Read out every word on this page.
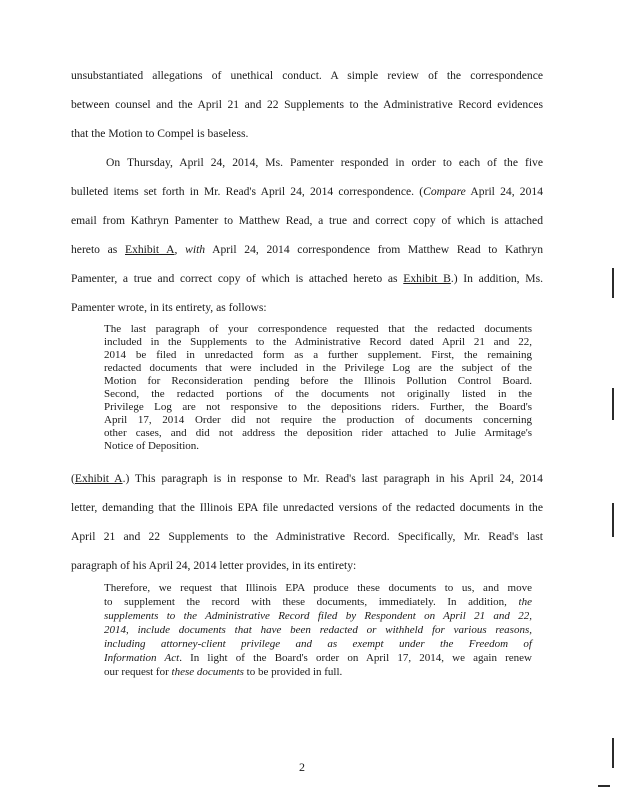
unsubstantiated allegations of unethical conduct. A simple review of the correspondence
between counsel and the April 21 and 22 Supplements to the Administrative Record evidences
that the Motion to Compel is baseless.
On Thursday, April 24, 2014, Ms. Pamenter responded in order to each of the five
bulleted items set forth in Mr. Read's April 24, 2014 correspondence. (Compare April 24, 2014
email from Kathryn Pamenter to Matthew Read, a true and correct copy of which is attached
hereto as Exhibit A, with April 24, 2014 correspondence from Matthew Read to Kathryn
Pamenter, a true and correct copy of which is attached hereto as Exhibit B.) In addition, Ms.
Pamenter wrote, in its entirety, as follows:
The last paragraph of your correspondence requested that the redacted documents
included in the Supplements to the Administrative Record dated April 21 and 22,
2014 be filed in unredacted form as a further supplement. First, the remaining
redacted documents that were included in the Privilege Log are the subject of the
Motion for Reconsideration pending before the Illinois Pollution Control Board.
Second, the redacted portions of the documents not originally listed in the
Privilege Log are not responsive to the depositions riders. Further, the Board's
April 17, 2014 Order did not require the production of documents concerning
other cases, and did not address the deposition rider attached to Julie Armitage's
Notice of Deposition.
(Exhibit A.) This paragraph is in response to Mr. Read's last paragraph in his April 24, 2014
letter, demanding that the Illinois EPA file unredacted versions of the redacted documents in the
April 21 and 22 Supplements to the Administrative Record. Specifically, Mr. Read's last
paragraph of his April 24, 2014 letter provides, in its entirety:
Therefore, we request that Illinois EPA produce these documents to us, and move
to supplement the record with these documents, immediately. In addition, the
supplements to the Administrative Record filed by Respondent on April 21 and 22,
2014, include documents that have been redacted or withheld for various reasons,
including attorney-client privilege and as exempt under the Freedom of
Information Act. In light of the Board's order on April 17, 2014, we again renew
our request for these documents to be provided in full.
2
